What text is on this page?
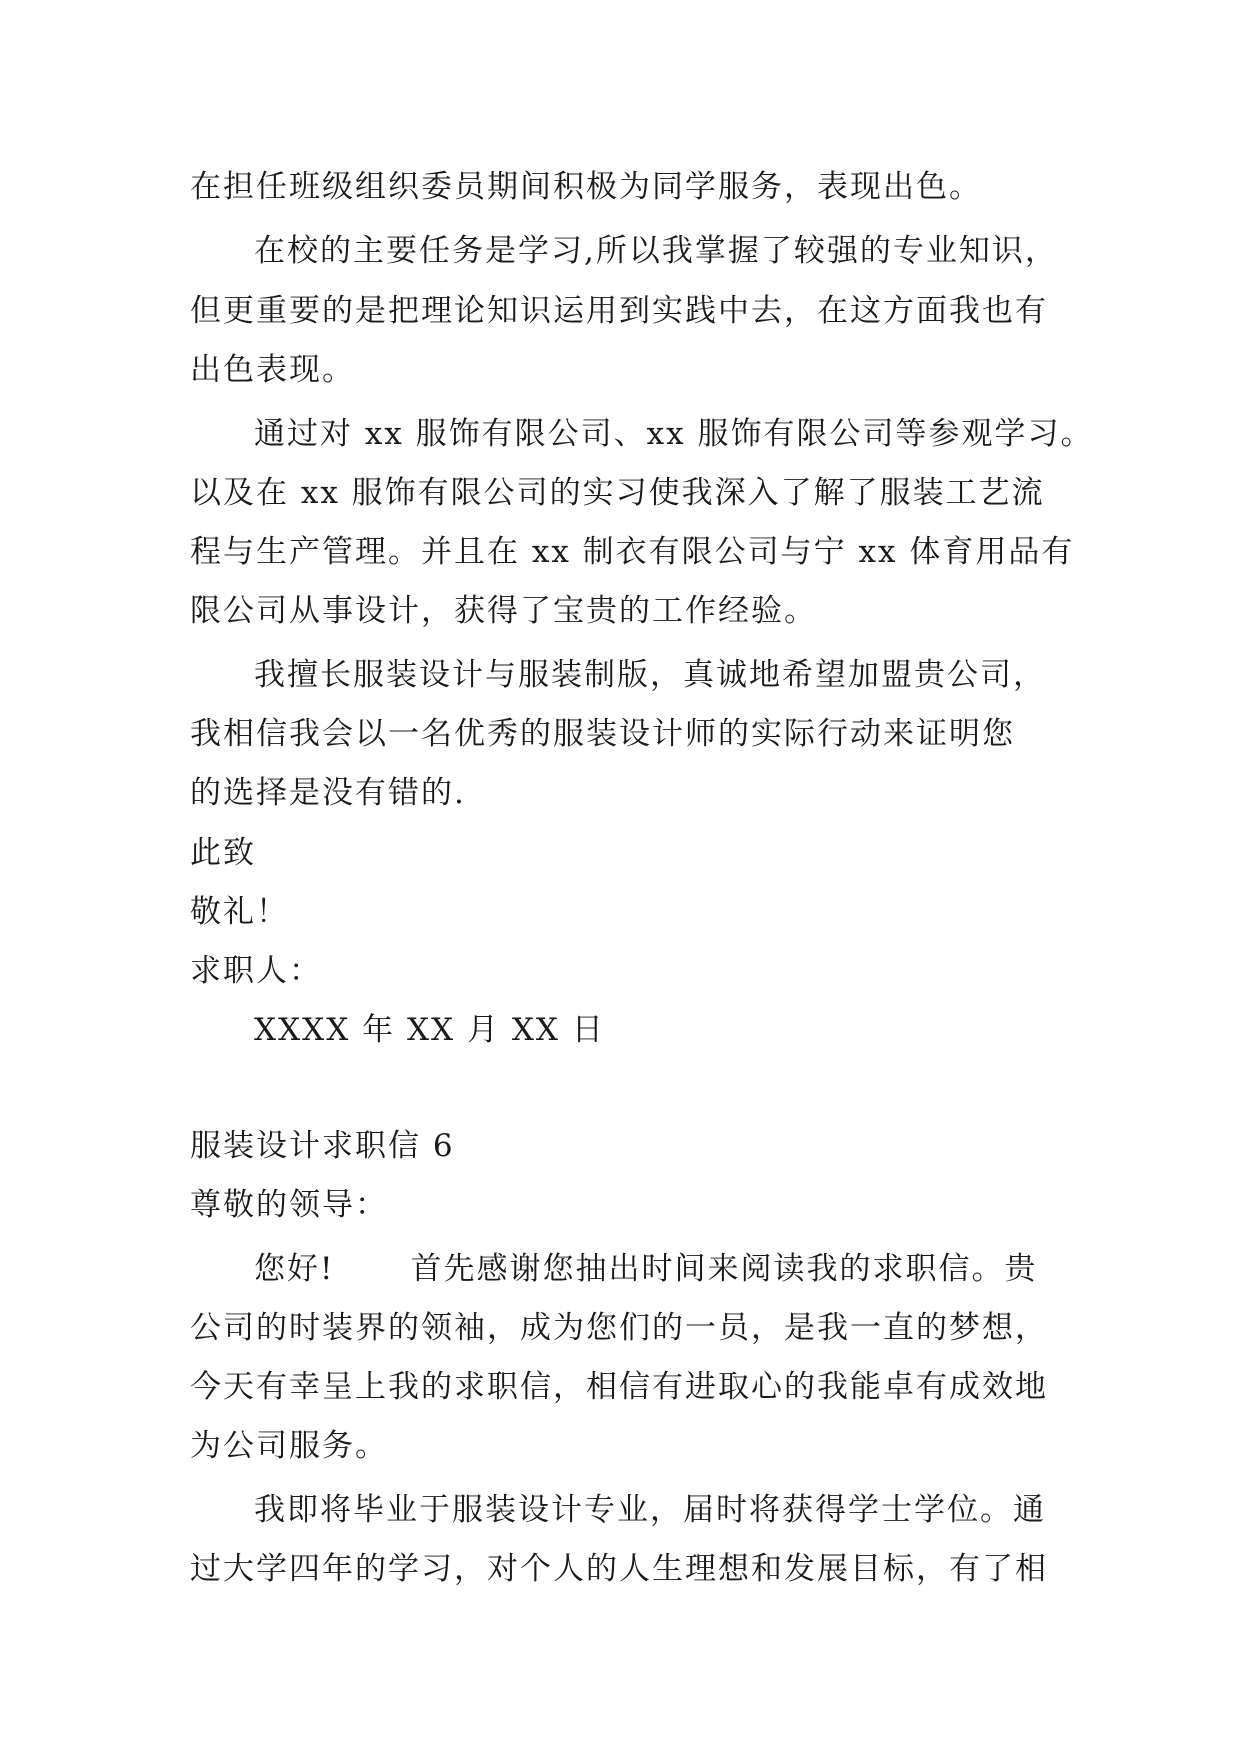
在担任班级组织委员期间积极为同学服务，表现出色。
在校的主要任务是学习,所以我掌握了较强的专业知识，
但更重要的是把理论知识运用到实践中去，在这方面我也有
出色表现。
通过对 xx 服饰有限公司、xx 服饰有限公司等参观学习。
以及在 xx 服饰有限公司的实习使我深入了解了服装工艺流
程与生产管理。并且在 xx 制衣有限公司与宁 xx 体育用品有
限公司从事设计，获得了宝贵的工作经验。
我擅长服装设计与服装制版，真诚地希望加盟贵公司，
我相信我会以一名优秀的服装设计师的实际行动来证明您
的选择是没有错的.
此致
敬礼！
求职人：
XXXX 年 XX 月 XX 日
服装设计求职信 6
尊敬的领导：
您好! 首先感谢您抽出时间来阅读我的求职信。贵
公司的时装界的领袖，成为您们的一员，是我一直的梦想，
今天有幸呈上我的求职信，相信有进取心的我能卓有成效地
为公司服务。
我即将毕业于服装设计专业，届时将获得学士学位。通
过大学四年的学习，对个人的人生理想和发展目标，有了相
